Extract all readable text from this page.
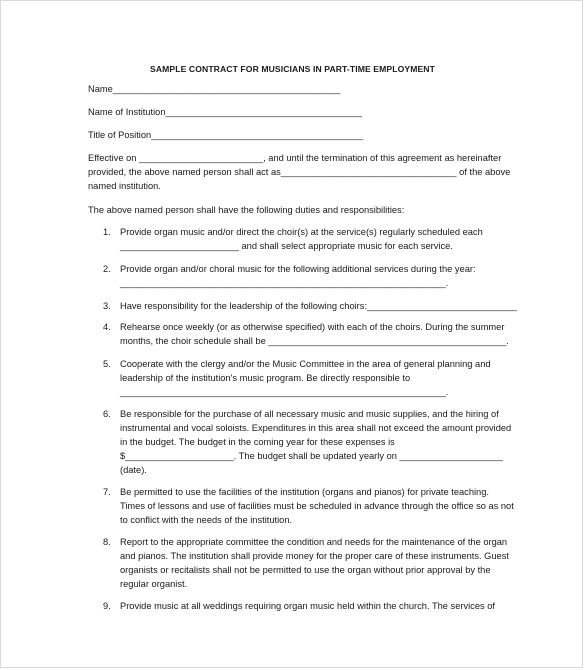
SAMPLE CONTRACT FOR MUSICIANS IN PART-TIME EMPLOYMENT
Name____________________________________________
Name of Institution______________________________________
Title of Position_________________________________________
Effective on ________________________, and until the termination of this agreement as hereinafter
provided, the above named person shall act as__________________________________ of the above
named institution.
The above named person shall have the following duties and responsibilities:
1. Provide organ music and/or direct the choir(s) at the service(s) regularly scheduled each
_______________________ and shall select appropriate music for each service.
2. Provide organ and/or choral music for the following additional services during the year:
_______________________________________________________________.
3. Have responsibility for the leadership of the following choirs:_____________________________
4. Rehearse once weekly (or as otherwise specified) with each of the choirs. During the summer
months, the choir schedule shall be ______________________________________________.
5. Cooperate with the clergy and/or the Music Committee in the area of general planning and
leadership of the institution's music program. Be directly responsible to
_______________________________________________________________.
6. Be responsible for the purchase of all necessary music and music supplies, and the hiring of
instrumental and vocal soloists. Expenditures in this area shall not exceed the amount provided
in the budget. The budget in the coming year for these expenses is
$_____________________. The budget shall be updated yearly on ____________________
(date).
7. Be permitted to use the facilities of the institution (organs and pianos) for private teaching.
Times of lessons and use of facilities must be scheduled in advance through the office so as not
to conflict with the needs of the institution.
8. Report to the appropriate committee the condition and needs for the maintenance of the organ
and pianos. The institution shall provide money for the proper care of these instruments. Guest
organists or recitalists shall not be permitted to use the organ without prior approval by the
regular organist.
9. Provide music at all weddings requiring organ music held within the church. The services of
